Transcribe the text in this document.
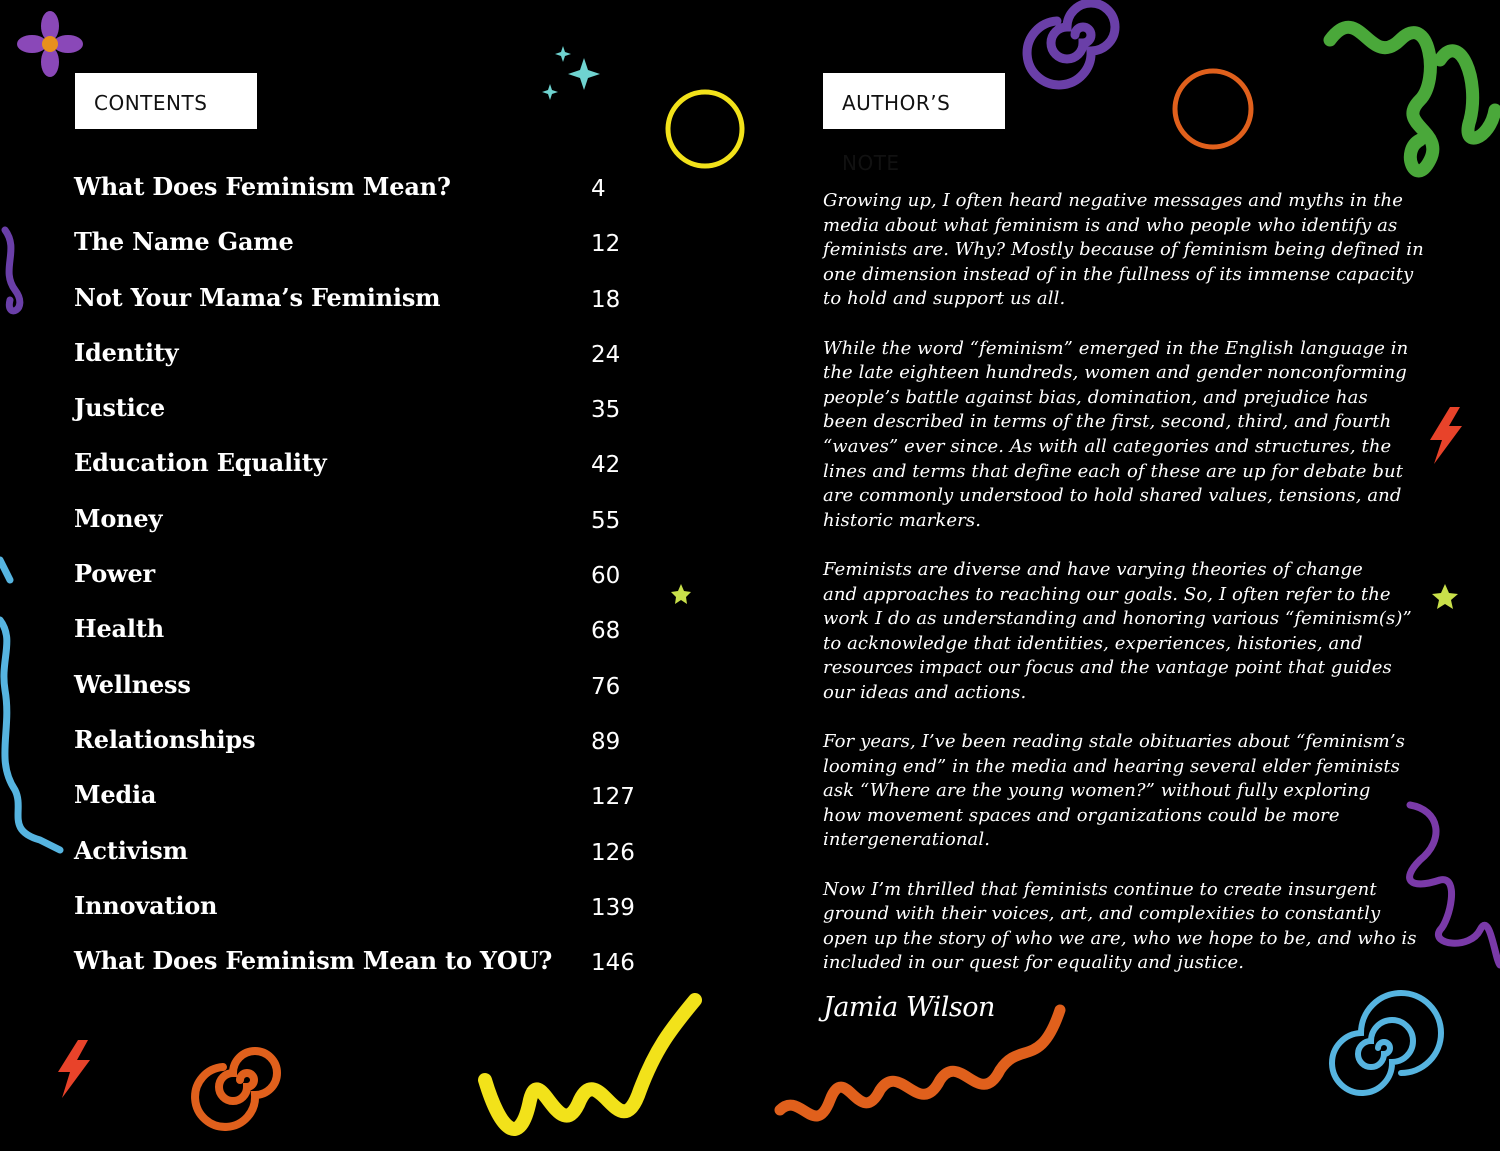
CONTENTS
What Does Feminism Mean?	4
The Name Game	12
Not Your Mama’s Feminism	18
Identity	24
Justice	35
Education Equality	42
Money	55
Power	60
Health	68
Wellness	76
Relationships	89
Media	127
Activism	126
Innovation	139
What Does Feminism Mean to YOU? 146
AUTHOR’S NOTE

Growing up, I often heard negative messages and myths in the
media about what feminism is and who people who identify as
feminists are. Why? Mostly because of feminism being defined in
one dimension instead of in the fullness of its immense capacity
to hold and support us all.

While the word “feminism” emerged in the English language in
the late eighteen hundreds, women and gender nonconforming
people’s battle against bias, domination, and prejudice has
been described in terms of the first, second, third, and fourth
“waves” ever since. As with all categories and structures, the
lines and terms that define each of these are up for debate but
are commonly understood to hold shared values, tensions, and
historic markers.

Feminists are diverse and have varying theories of change
and approaches to reaching our goals. So, I often refer to the
work I do as understanding and honoring various “feminism(s)”
to acknowledge that identities, experiences, histories, and
resources impact our focus and the vantage point that guides
our ideas and actions.

For years, I’ve been reading stale obituaries about “feminism’s
looming end” in the media and hearing several elder feminists
ask “Where are the young women?” without fully exploring
how movement spaces and organizations could be more
intergenerational.

Now I’m thrilled that feminists continue to create insurgent
ground with their voices, art, and complexities to constantly
open up the story of who we are, who we hope to be, and who is
included in our quest for equality and justice.

Jamia Wilson
